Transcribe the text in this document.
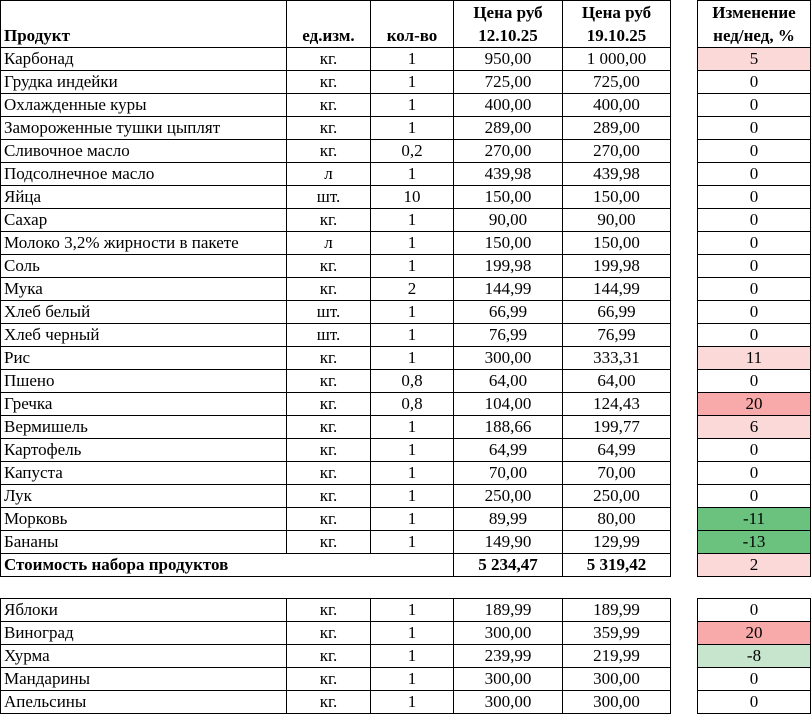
			Цена руб	Цена руб		Изменение
Продукт	ед.изм.	кол-во	12.10.25	19.10.25		нед/нед, %
Карбонад	кг.	1	950,00	1 000,00		5
Грудка индейки	кг.	1	725,00	725,00		0
Охлажденные куры	кг.	1	400,00	400,00		0
Замороженные тушки цыплят	кг.	1	289,00	289,00		0
Сливочное масло	кг.	0,2	270,00	270,00		0
Подсолнечное масло	л	1	439,98	439,98		0
Яйца	шт.	10	150,00	150,00		0
Сахар	кг.	1	90,00	90,00		0
Молоко 3,2% жирности в пакете	л	1	150,00	150,00		0
Соль	кг.	1	199,98	199,98		0
Мука	кг.	2	144,99	144,99		0
Хлеб белый	шт.	1	66,99	66,99		0
Хлеб черный	шт.	1	76,99	76,99		0
Рис	кг.	1	300,00	333,31		11
Пшено	кг.	0,8	64,00	64,00		0
Гречка	кг.	0,8	104,00	124,43		20
Вермишель	кг.	1	188,66	199,77		6
Картофель	кг.	1	64,99	64,99		0
Капуста	кг.	1	70,00	70,00		0
Лук	кг.	1	250,00	250,00		0
Морковь	кг.	1	89,99	80,00		-11
Бананы	кг.	1	149,90	129,99		-13
Стоимость набора продуктов			5 234,47	5 319,42		2

Яблоки	кг.	1	189,99	189,99		0
Виноград	кг.	1	300,00	359,99		20
Хурма	кг.	1	239,99	219,99		-8
Мандарины	кг.	1	300,00	300,00		0
Апельсины	кг.	1	300,00	300,00		0
